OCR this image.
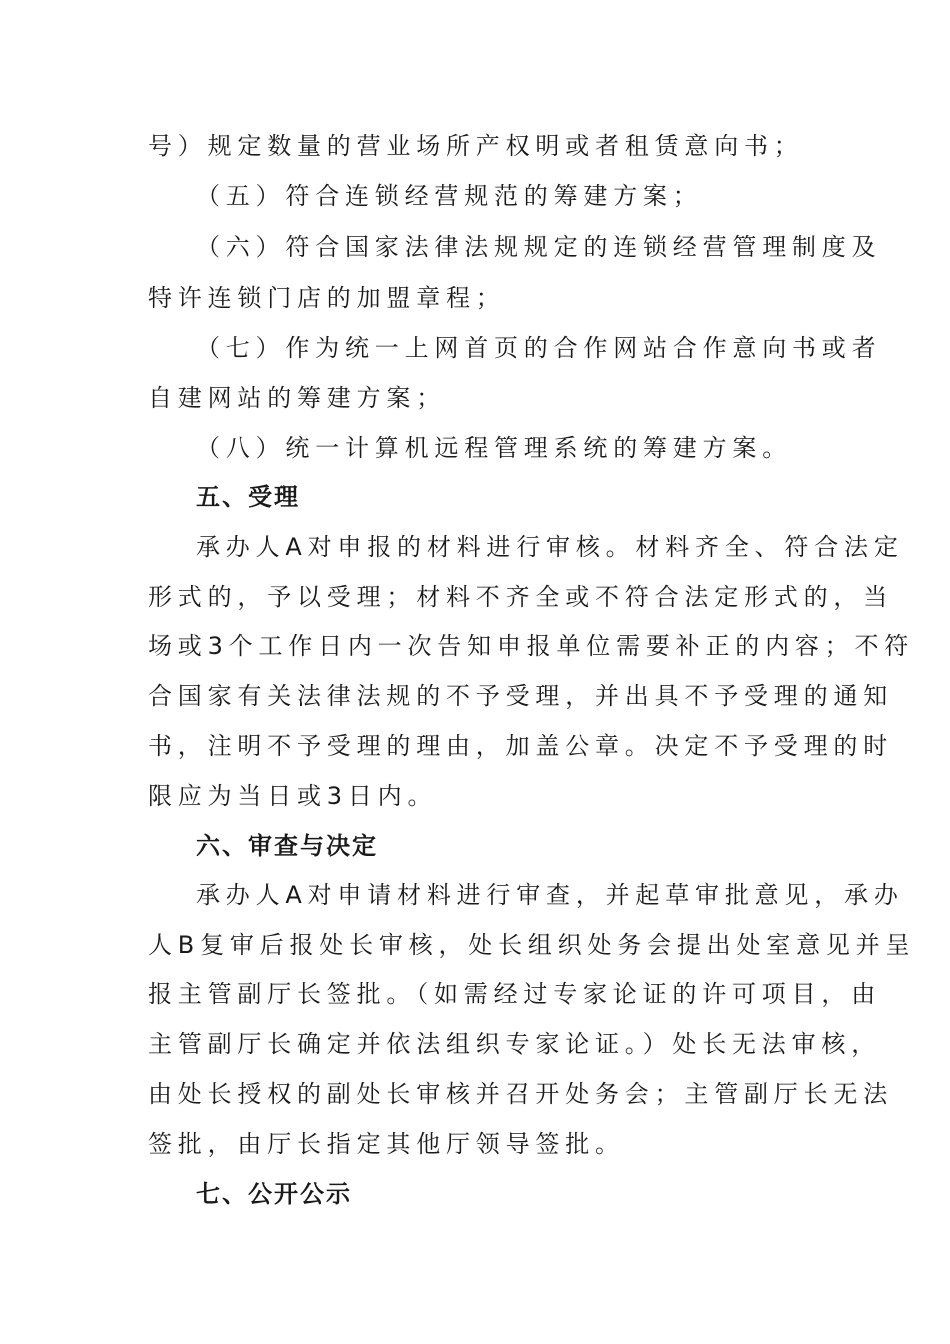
号）规定数量的营业场所产权明或者租赁意向书；
（五）符合连锁经营规范的筹建方案；
（六）符合国家法律法规规定的连锁经营管理制度及
特许连锁门店的加盟章程；
（七）作为统一上网首页的合作网站合作意向书或者
自建网站的筹建方案；
（八）统一计算机远程管理系统的筹建方案。
五、受理
承办人A对申报的材料进行审核。材料齐全、符合法定
形式的，予以受理；材料不齐全或不符合法定形式的，当
场或3个工作日内一次告知申报单位需要补正的内容；不符
合国家有关法律法规的不予受理，并出具不予受理的通知
书，注明不予受理的理由，加盖公章。决定不予受理的时
限应为当日或3日内。
六、审查与决定
承办人A对申请材料进行审查，并起草审批意见，承办
人B复审后报处长审核，处长组织处务会提出处室意见并呈
报主管副厅长签批。（如需经过专家论证的许可项目，由
主管副厅长确定并依法组织专家论证。）处长无法审核，
由处长授权的副处长审核并召开处务会；主管副厅长无法
签批，由厅长指定其他厅领导签批。
七、公开公示
